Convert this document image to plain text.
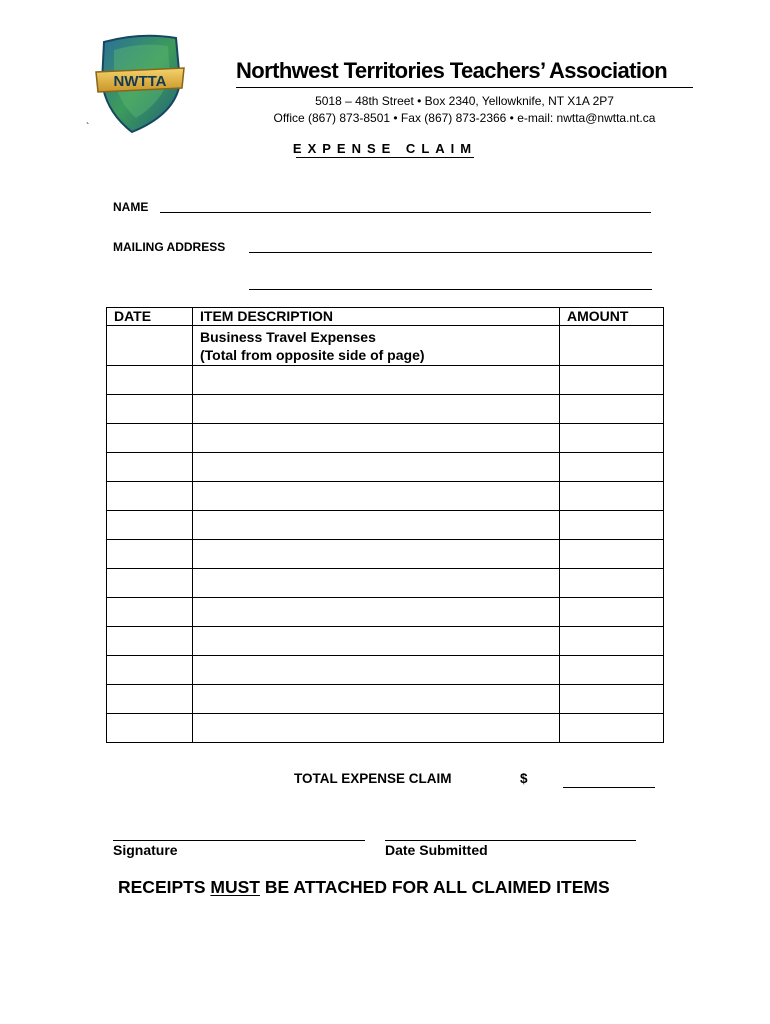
NWTTA
`
Northwest Territories Teachers’ Association
5018 – 48th Street • Box 2340, Yellowknife, NT X1A 2P7
Office (867) 873-8501 • Fax (867) 873-2366 • e-mail: nwtta@nwtta.nt.ca
EXPENSE CLAIM
NAME
MAILING ADDRESS
DATE	ITEM DESCRIPTION	AMOUNT

	Business Travel Expenses
(Total from opposite side of page)	

TOTAL EXPENSE CLAIM	$
Signature	Date Submitted
RECEIPTS MUST BE ATTACHED FOR ALL CLAIMED ITEMS
